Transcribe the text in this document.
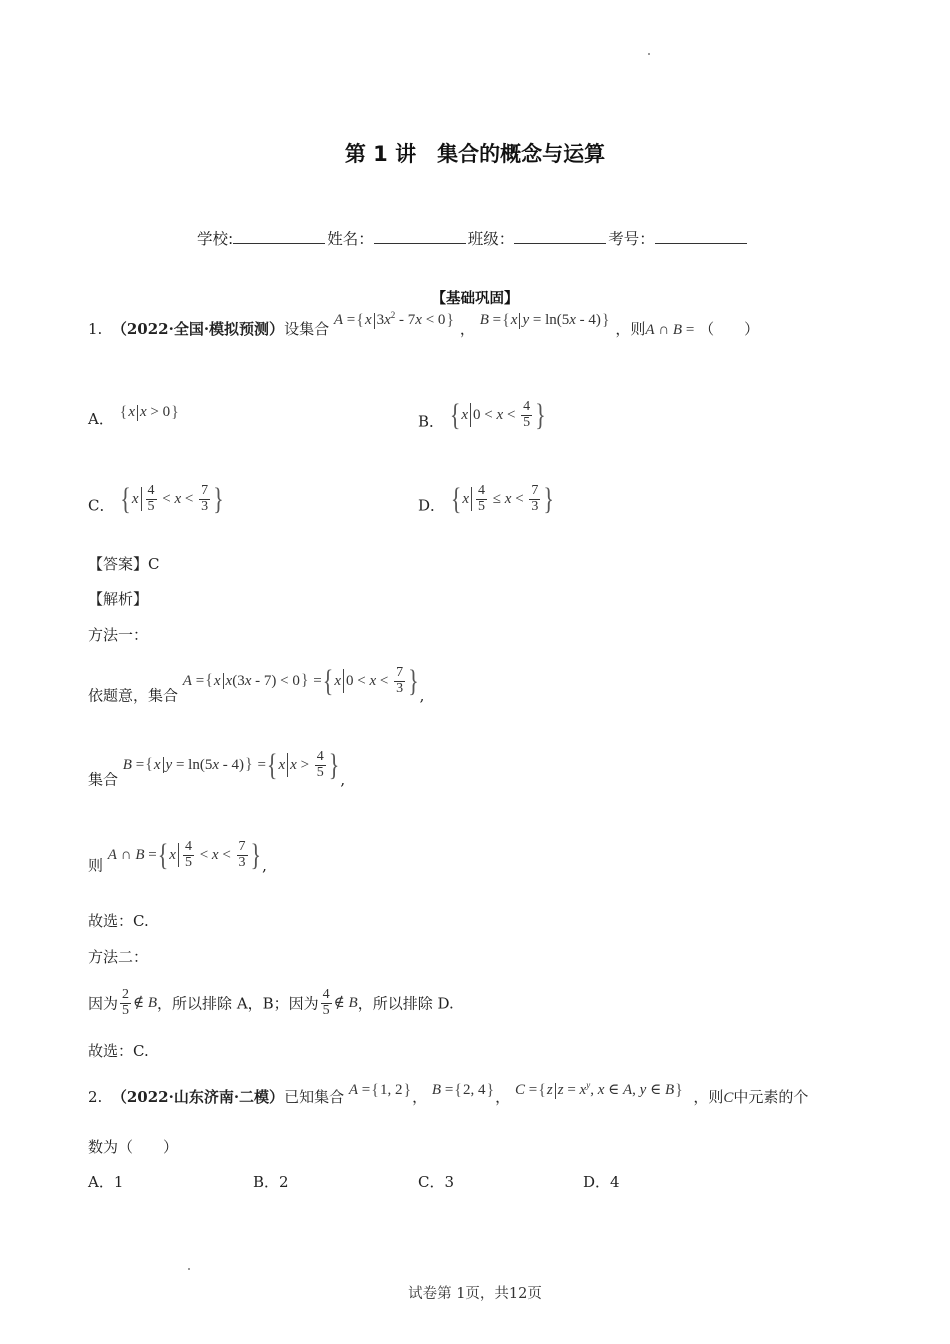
第 1 讲　集合的概念与运算
学校:	姓名：	班级：	考号：
【基础巩固】
1. （2022·全国·模拟预测）设集合 A ={x $3x^2 - 7x < 0$} ， B ={x y = ln(5x - 4)} ，则A ∩ B = （　　）
A． {x x > 0}
B． {x $0 < x < \frac{4}{5}$ }
C． {$x \frac{4}{5} < x < \frac{7}{3}$ }	D． {$x \frac{4}{5} \le x < \frac{7}{3}$ }
【答案】C
【解析】
方法一：
依题意，集合 A ={x x(3x - 7) < 0} ={x $0 < x < \frac{7}{3}$ },
集合 B ={x y = ln(5x - 4)} ={x $x > \frac{4}{5}$ },
则 A ∩ $B =\{x \frac{4}{5} < x < \frac{7}{3}$ },
故选：C.
方法二：
因为 $\frac{2}{5}$ ∉ B，所以排除 A，B；因为 $\frac{4}{5}$ ∉ B，所以排除 D.
故选：C.
2. （2022·山东济南·二模）已知集合 A ={1, 2}， B ={2, 4}， C ={z $z = x^y$, x ∈ A, y ∈ B} ，则C中元素的个
数为（　　）
A．1	B．2	C．3	D．4
试卷第 1页，共12页
